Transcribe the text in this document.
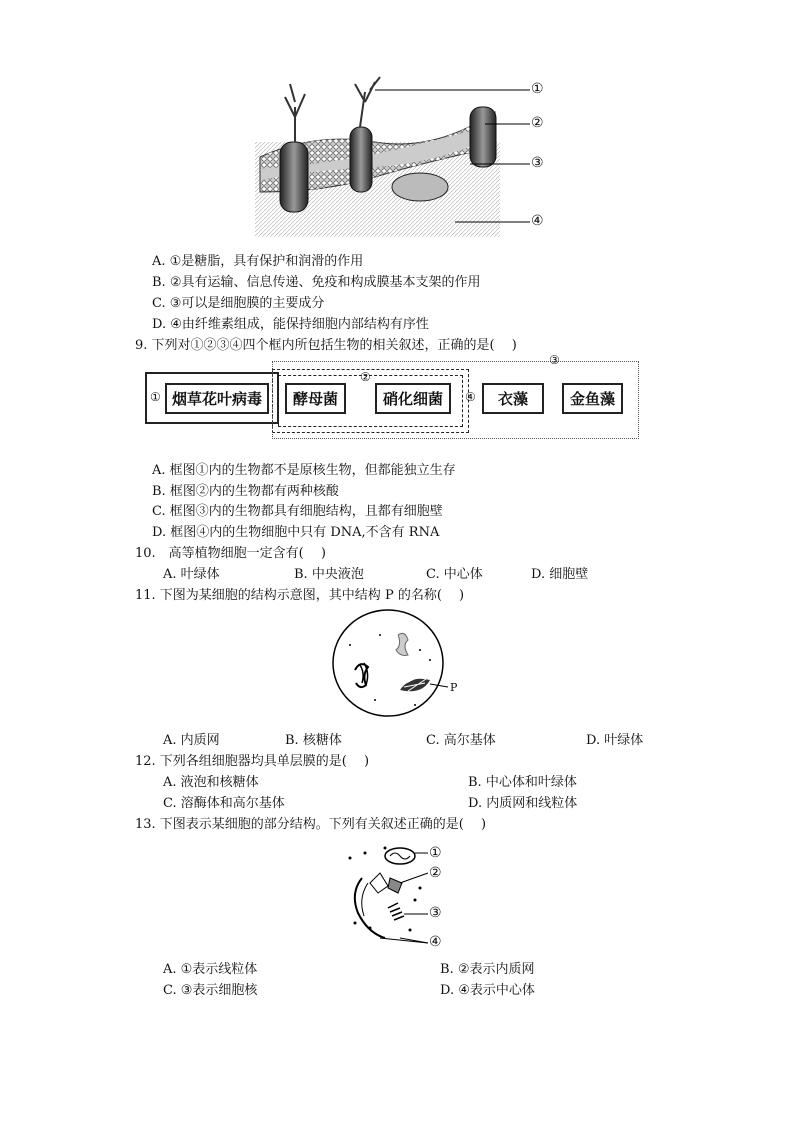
①
②
③
④
A. ①是糖脂，具有保护和润滑的作用
B. ②具有运输、信息传递、免疫和构成膜基本支架的作用
C. ③可以是细胞膜的主要成分
D. ④由纤维素组成，能保持细胞内部结构有序性
9. 下列对①②③④四个框内所包括生物的相关叙述，正确的是(　 )
烟草花叶病毒	酵母菌	硝化细菌	衣藻	金鱼藻
①
②
③
④
A. 框图①内的生物都不是原核生物，但都能独立生存
B. 框图②内的生物都有两种核酸
C. 框图③内的生物都具有细胞结构，且都有细胞壁
D. 框图④内的生物细胞中只有 DNA,不含有 RNA
10.　高等植物细胞一定含有(　 )
A. 叶绿体	B. 中央液泡	C. 中心体	D. 细胞壁
11. 下图为某细胞的结构示意图，其中结构 P 的名称(　 )
P
A. 内质网	B. 核糖体	C. 高尔基体	D. 叶绿体
12. 下列各组细胞器均具单层膜的是(　 )
A. 液泡和核糖体	B. 中心体和叶绿体
C. 溶酶体和高尔基体	D. 内质网和线粒体
13. 下图表示某细胞的部分结构。下列有关叙述正确的是(　 )
①
②
③
④
A. ①表示线粒体	B. ②表示内质网
C. ③表示细胞核	D. ④表示中心体
